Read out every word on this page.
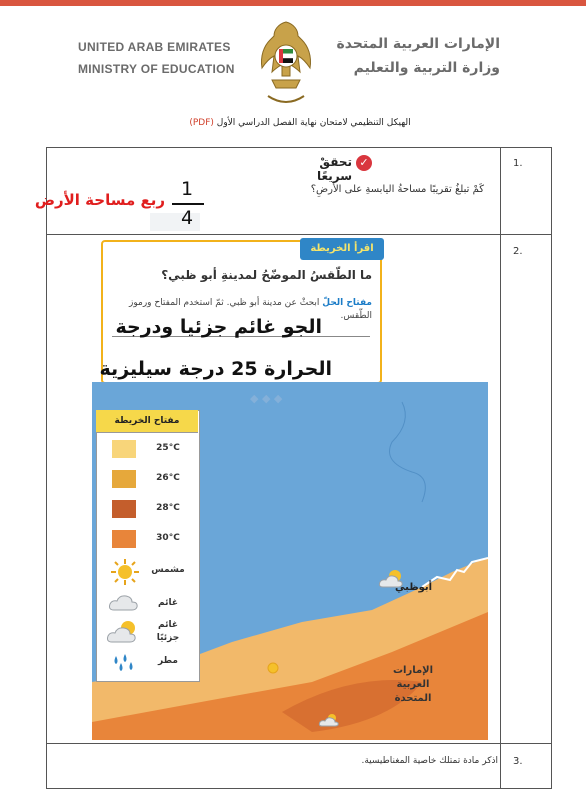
UNITED ARAB EMIRATES
MINISTRY OF EDUCATION
الإمارات العربية المتحدة
وزارة التربية والتعليم
الهيكل التنظيمي لامتحان نهاية الفصل الدراسي الأول (PDF)
1.
✓
تحققْ سريعًا
كَمْ تبلغُ تقريبًا مساحةُ اليابسةِ على الأرضِ؟
ربع مساحة الأرض 1
4
2.
اقرأ الخريطة
ما الطّقسُ الموضّحُ لمدينةِ أبو ظبي؟
مفتاح الحلّ ابحثْ عن مدينة أبو ظبي. ثمّ استخدم المفتاح ورموز الطّقس.
◆ ◆ ◆
مفتاح الخريطة
25°C
26°C
28°C
30°C
مشمس
غائم
غائم
جزئيًا
مطر
أبوظبي
الإمارات
العربية
المتحدة
الجو غائم جزئيا ودرجة
الحرارة 25 درجة سيليزية
3.
اذكر مادة تمتلك خاصية المغناطيسية.
